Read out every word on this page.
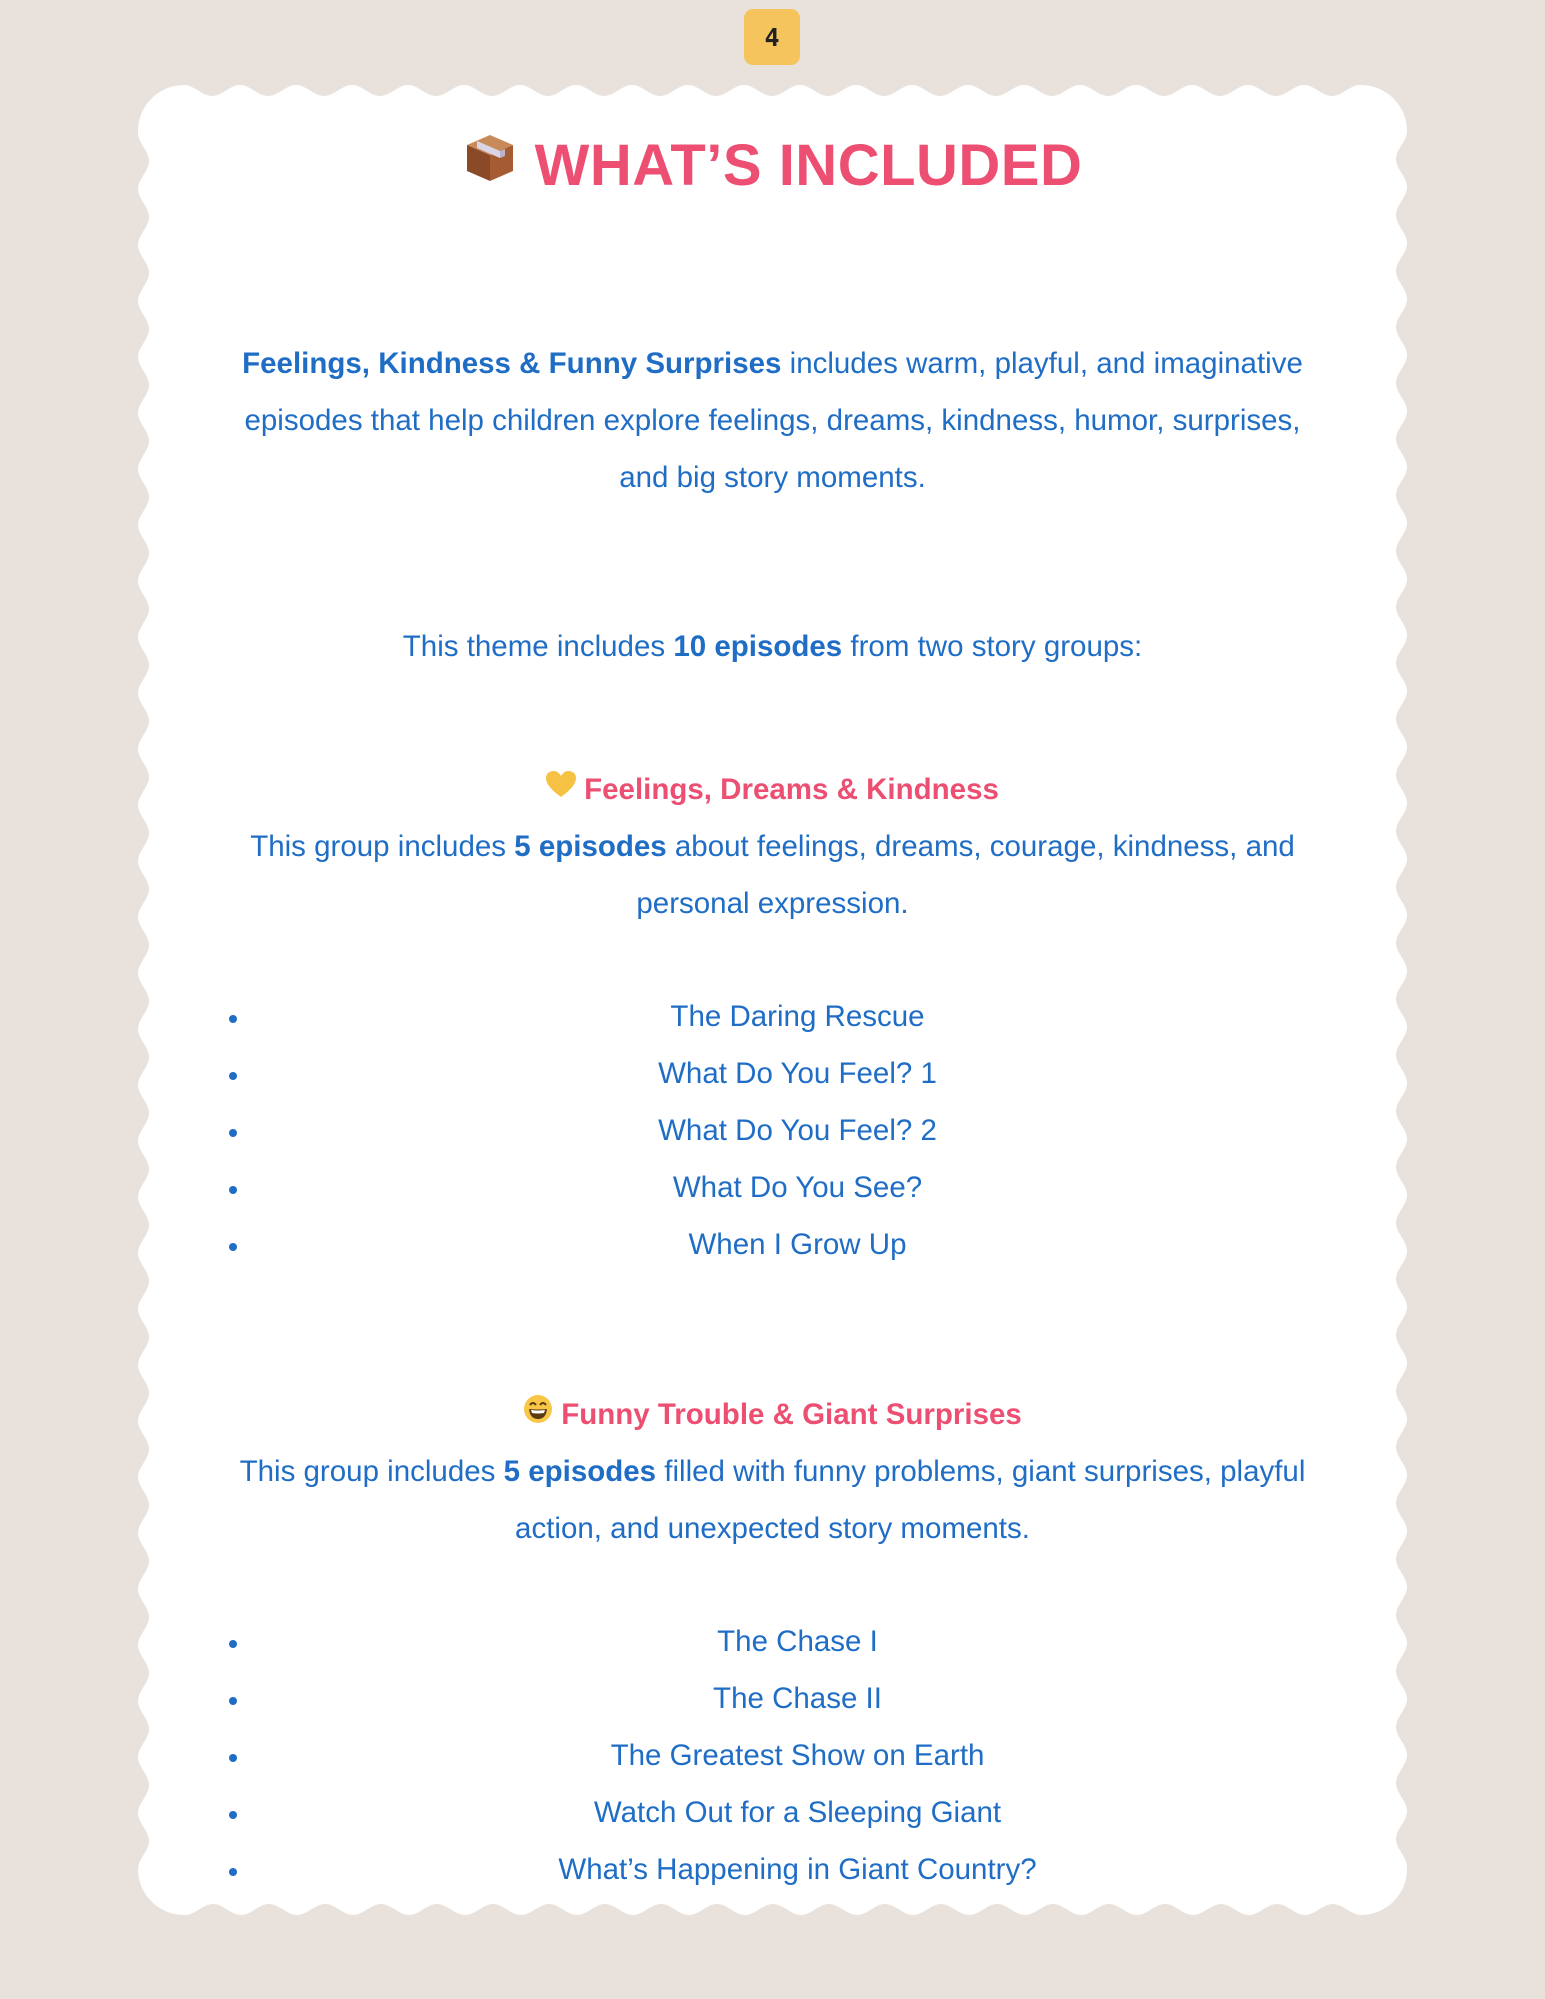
4
WHAT’S INCLUDED

Feelings, Kindness & Funny Surprises includes warm, playful, and imaginative episodes that help children explore feelings, dreams, kindness, humor, surprises, and big story moments.

This theme includes 10 episodes from two story groups:

Feelings, Dreams & Kindness

This group includes 5 episodes about feelings, dreams, courage, kindness, and personal expression.

The Daring Rescue
What Do You Feel? 1
What Do You Feel? 2
What Do You See?
When I Grow Up

Funny Trouble & Giant Surprises

This group includes 5 episodes filled with funny problems, giant surprises, playful action, and unexpected story moments.

The Chase I
The Chase II
The Greatest Show on Earth
Watch Out for a Sleeping Giant
What’s Happening in Giant Country?
